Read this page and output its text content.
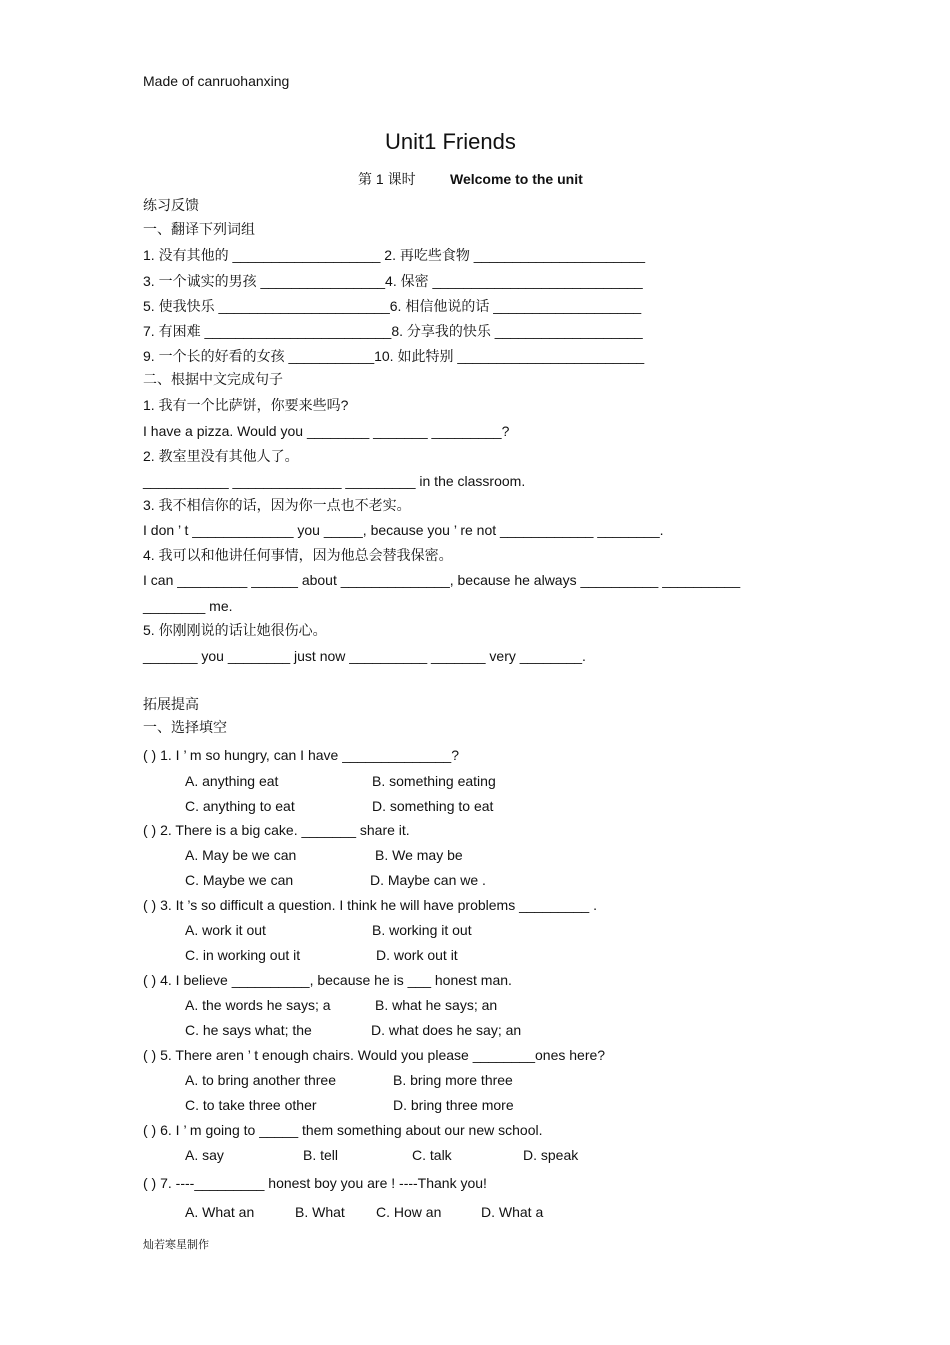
Made of canruohanxing
Unit1 Friends
第 1 课时 Welcome to the unit
练习反馈
一、翻译下列词组
1. 没有其他的 ___________________ 2. 再吃些食物 ______________________
3. 一个诚实的男孩 ________________4. 保密 ___________________________
5. 使我快乐 ______________________6. 相信他说的话 ___________________
7. 有困难 ________________________8. 分享我的快乐 ___________________
9. 一个长的好看的女孩 ___________10. 如此特别 ________________________
二、根据中文完成句子
1. 我有一个比萨饼，你要来些吗?
I have a pizza. Would you ________ _______ _________?
2. 教室里没有其他人了。
___________ ______________ _________ in the classroom.
3. 我不相信你的话，因为你一点也不老实。
I don ’ t _____________ you _____, because you ’ re not ____________ ________.
4. 我可以和他讲任何事情，因为他总会替我保密。
I can _________ ______ about ______________, because he always __________ __________
________ me.
5. 你刚刚说的话让她很伤心。
_______ you ________ just now __________ _______ very ________.
拓展提高
一、选择填空
( ) 1. I ’ m so hungry, can I have ______________?
A. anything eat	B. something eating
C. anything to eat	D. something to eat
( ) 2. There is a big cake. _______ share it.
A. May be we can	B. We may be
C. Maybe we can	D. Maybe can we .
( ) 3. It ’s so difficult a question. I think he will have problems _________ .
A. work it out	B. working it out
C. in working out it	D. work out it
( ) 4. I believe __________, because he is ___ honest man.
A. the words he says; a	B. what he says; an
C. he says what; the	D. what does he say; an
( ) 5. There aren ’ t enough chairs. Would you please ________ones here?
A. to bring another three	B. bring more three
C. to take three other	D. bring three more
( ) 6. I ’ m going to _____ them something about our new school.
A. say	B. tell	C. talk	D. speak
( ) 7. ----_________ honest boy you are ! ----Thank you!
A. What an	B. What C. How an	D. What a
灿若寒星制作
